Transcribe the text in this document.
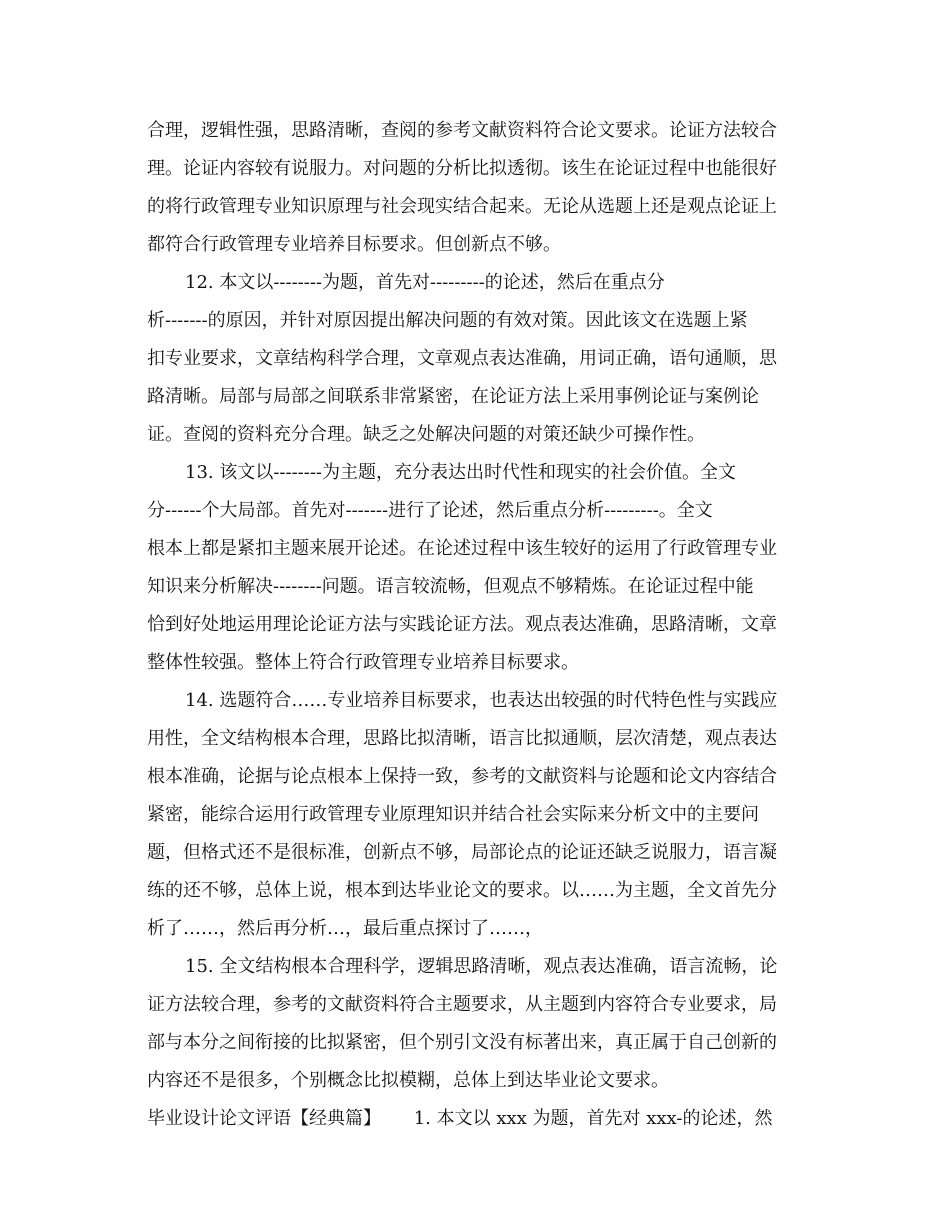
合理，逻辑性强，思路清晰，查阅的参考文献资料符合论文要求。论证方法较合
理。论证内容较有说服力。对问题的分析比拟透彻。该生在论证过程中也能很好
的将行政管理专业知识原理与社会现实结合起来。无论从选题上还是观点论证上
都符合行政管理专业培养目标要求。但创新点不够。
12. 本文以--------为题，首先对---------的论述，然后在重点分
析-------的原因，并针对原因提出解决问题的有效对策。因此该文在选题上紧
扣专业要求，文章结构科学合理，文章观点表达准确，用词正确，语句通顺，思
路清晰。局部与局部之间联系非常紧密，在论证方法上采用事例论证与案例论
证。查阅的资料充分合理。缺乏之处解决问题的对策还缺少可操作性。
13. 该文以--------为主题，充分表达出时代性和现实的社会价值。全文
分------个大局部。首先对-------进行了论述，然后重点分析---------。全文
根本上都是紧扣主题来展开论述。在论述过程中该生较好的运用了行政管理专业
知识来分析解决--------问题。语言较流畅，但观点不够精炼。在论证过程中能
恰到好处地运用理论论证方法与实践论证方法。观点表达准确，思路清晰，文章
整体性较强。整体上符合行政管理专业培养目标要求。
14. 选题符合……专业培养目标要求，也表达出较强的时代特色性与实践应
用性，全文结构根本合理，思路比拟清晰，语言比拟通顺，层次清楚，观点表达
根本准确，论据与论点根本上保持一致，参考的文献资料与论题和论文内容结合
紧密，能综合运用行政管理专业原理知识并结合社会实际来分析文中的主要问
题，但格式还不是很标准，创新点不够，局部论点的论证还缺乏说服力，语言凝
练的还不够，总体上说，根本到达毕业论文的要求。以……为主题，全文首先分
析了……，然后再分析…，最后重点探讨了……，
15. 全文结构根本合理科学，逻辑思路清晰，观点表达准确，语言流畅，论
证方法较合理，参考的文献资料符合主题要求，从主题到内容符合专业要求，局
部与本分之间衔接的比拟紧密，但个别引文没有标著出来，真正属于自己创新的
内容还不是很多，个别概念比拟模糊，总体上到达毕业论文要求。
毕业设计论文评语【经典篇】　　 1. 本文以 xxx 为题，首先对 xxx-的论述，然
